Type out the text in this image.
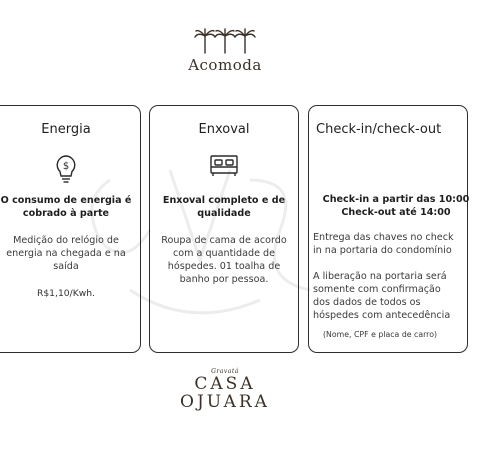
Acomoda
Energia
$
O consumo de energia é cobrado à parte
Medição do relógio de energia na chegada e na saída
R$1,10/Kwh.
Enxoval
Enxoval completo e de qualidade
Roupa de cama de acordo com a quantidade de hóspedes. 01 toalha de banho por pessoa.
Check-in/check-out
Check-in a partir das 10:00
Check-out até 14:00
Entrega das chaves no check
in na portaria do condomínio
A liberação na portaria será
somente com confirmação
dos dados de todos os
hóspedes com antecedência
(Nome, CPF e placa de carro)
Gravatá
CASA
OJUARA
